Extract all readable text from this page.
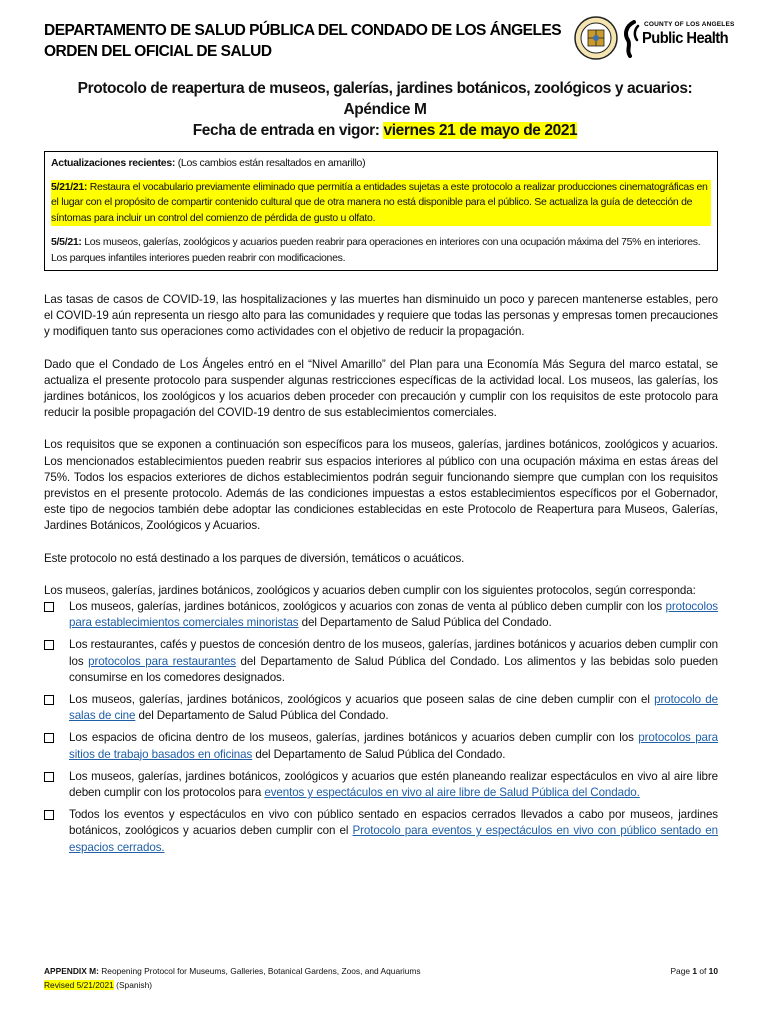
DEPARTAMENTO DE SALUD PÚBLICA DEL CONDADO DE LOS ÁNGELES
ORDEN DEL OFICIAL DE SALUD
COUNTY OF LOS ANGELES
Public Health
Protocolo de reapertura de museos, galerías, jardines botánicos, zoológicos y acuarios:
Apéndice M
Fecha de entrada en vigor: viernes 21 de mayo de 2021

Actualizaciones recientes: (Los cambios están resaltados en amarillo)

5/21/21: Restaura el vocabulario previamente eliminado que permitía a entidades sujetas a este protocolo a realizar producciones cinematográficas en el lugar con el propósito de compartir contenido cultural que de otra manera no está disponible para el público. Se actualiza la guía de detección de síntomas para incluir un control del comienzo de pérdida de gusto u olfato.

5/5/21: Los museos, galerías, zoológicos y acuarios pueden reabrir para operaciones en interiores con una ocupación máxima del 75% en interiores. Los parques infantiles interiores pueden reabrir con modificaciones.

Las tasas de casos de COVID-19, las hospitalizaciones y las muertes han disminuido un poco y parecen mantenerse estables, pero el COVID-19 aún representa un riesgo alto para las comunidades y requiere que todas las personas y empresas tomen precauciones y modifiquen tanto sus operaciones como actividades con el objetivo de reducir la propagación.

Dado que el Condado de Los Ángeles entró en el “Nivel Amarillo” del Plan para una Economía Más Segura del marco estatal, se actualiza el presente protocolo para suspender algunas restricciones específicas de la actividad local. Los museos, las galerías, los jardines botánicos, los zoológicos y los acuarios deben proceder con precaución y cumplir con los requisitos de este protocolo para reducir la posible propagación del COVID-19 dentro de sus establecimientos comerciales.

Los requisitos que se exponen a continuación son específicos para los museos, galerías, jardines botánicos, zoológicos y acuarios. Los mencionados establecimientos pueden reabrir sus espacios interiores al público con una ocupación máxima en estas áreas del 75%. Todos los espacios exteriores de dichos establecimientos podrán seguir funcionando siempre que cumplan con los requisitos previstos en el presente protocolo. Además de las condiciones impuestas a estos establecimientos específicos por el Gobernador, este tipo de negocios también debe adoptar las condiciones establecidas en este Protocolo de Reapertura para Museos, Galerías, Jardines Botánicos, Zoológicos y Acuarios.

Este protocolo no está destinado a los parques de diversión, temáticos o acuáticos.

Los museos, galerías, jardines botánicos, zoológicos y acuarios deben cumplir con los siguientes protocolos, según corresponda:

Los museos, galerías, jardines botánicos, zoológicos y acuarios con zonas de venta al público deben cumplir con los protocolos para establecimientos comerciales minoristas del Departamento de Salud Pública del Condado.
Los restaurantes, cafés y puestos de concesión dentro de los museos, galerías, jardines botánicos y acuarios deben cumplir con los protocolos para restaurantes del Departamento de Salud Pública del Condado. Los alimentos y las bebidas solo pueden consumirse en los comedores designados.
Los museos, galerías, jardines botánicos, zoológicos y acuarios que poseen salas de cine deben cumplir con el protocolo de salas de cine del Departamento de Salud Pública del Condado.
Los espacios de oficina dentro de los museos, galerías, jardines botánicos y acuarios deben cumplir con los protocolos para sitios de trabajo basados en oficinas del Departamento de Salud Pública del Condado.
Los museos, galerías, jardines botánicos, zoológicos y acuarios que estén planeando realizar espectáculos en vivo al aire libre deben cumplir con los protocolos para eventos y espectáculos en vivo al aire libre de Salud Pública del Condado.
Todos los eventos y espectáculos en vivo con público sentado en espacios cerrados llevados a cabo por museos, jardines botánicos, zoológicos y acuarios deben cumplir con el Protocolo para eventos y espectáculos en vivo con público sentado en espacios cerrados.
APPENDIX M: Reopening Protocol for Museums, Galleries, Botanical Gardens, Zoos, and Aquariums
Revised 5/21/2021 (Spanish)
Page 1 of 10
